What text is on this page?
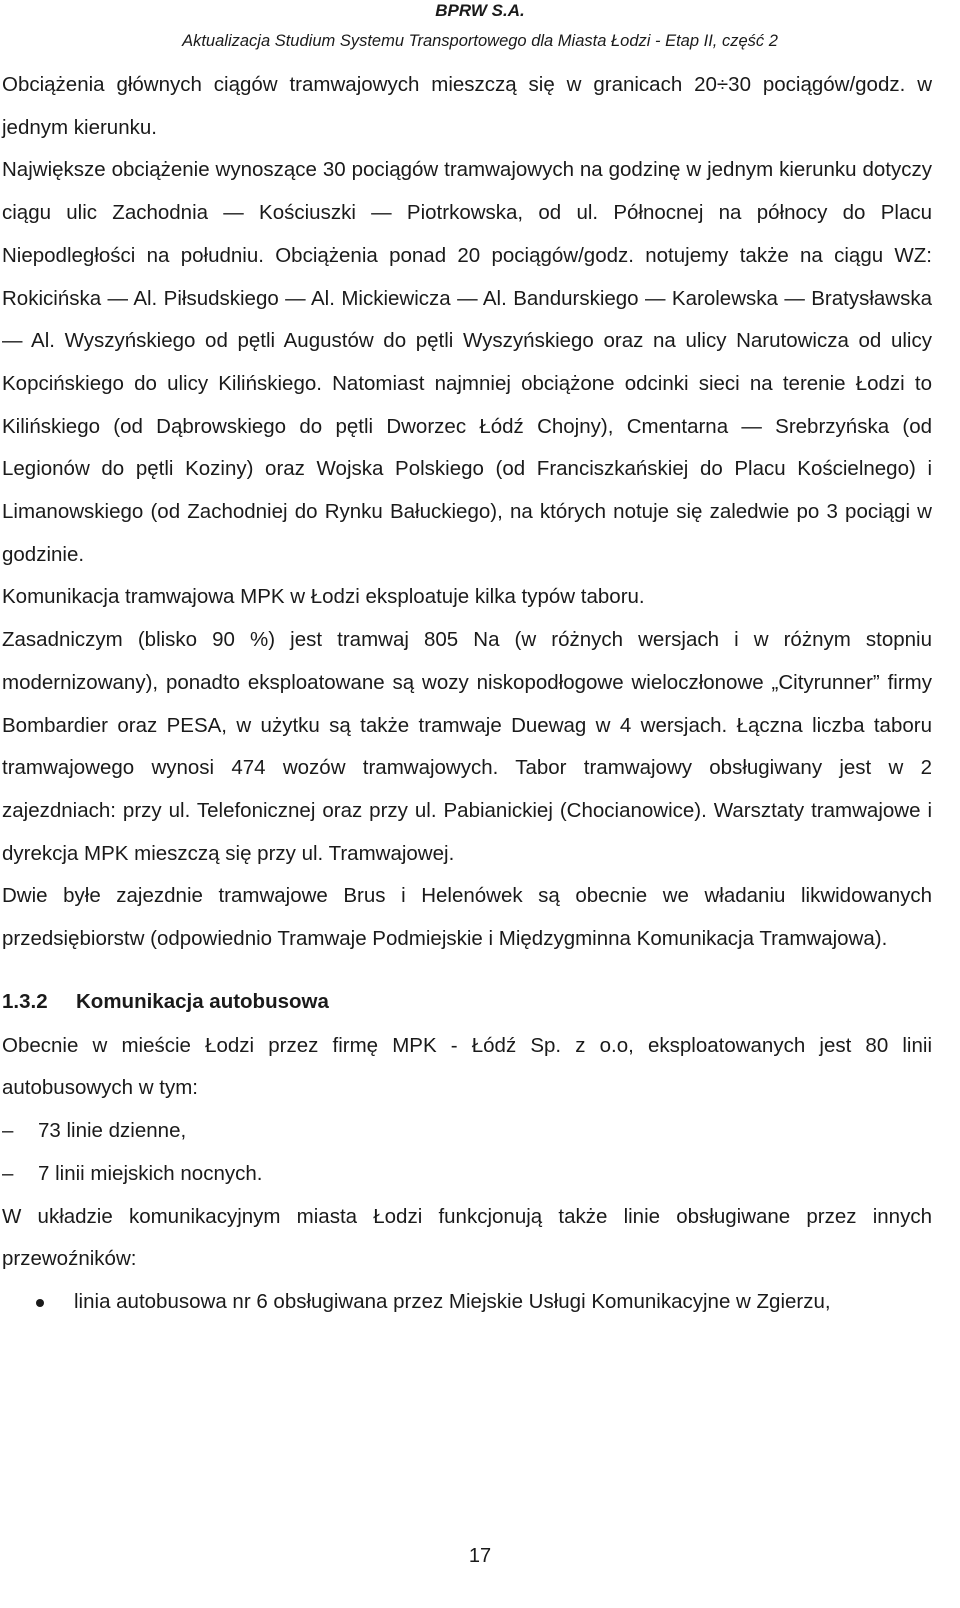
BPRW S.A.
Aktualizacja Studium Systemu Transportowego dla Miasta Łodzi - Etap II, część 2

Obciążenia głównych ciągów tramwajowych mieszczą się w granicach 20÷30 pociągów/godz. w jednym kierunku.

Największe obciążenie wynoszące 30 pociągów tramwajowych na godzinę w jednym kierunku dotyczy ciągu ulic Zachodnia — Kościuszki — Piotrkowska, od ul. Północnej na północy do Placu Niepodległości na południu. Obciążenia ponad 20 pociągów/godz. notujemy także na ciągu WZ: Rokicińska — Al. Piłsudskiego — Al. Mickiewicza — Al. Bandurskiego — Karolewska — Bratysławska — Al. Wyszyńskiego od pętli Augustów do pętli Wyszyńskiego oraz na ulicy Narutowicza od ulicy Kopcińskiego do ulicy Kilińskiego. Natomiast najmniej obciążone odcinki sieci na terenie Łodzi to Kilińskiego (od Dąbrowskiego do pętli Dworzec Łódź Chojny), Cmentarna — Srebrzyńska (od Legionów do pętli Koziny) oraz Wojska Polskiego (od Franciszkańskiej do Placu Kościelnego) i Limanowskiego (od Zachodniej do Rynku Bałuckiego), na których notuje się zaledwie po 3 pociągi w godzinie.

Komunikacja tramwajowa MPK w Łodzi eksploatuje kilka typów taboru.

Zasadniczym (blisko 90 %) jest tramwaj 805 Na (w różnych wersjach i w różnym stopniu modernizowany), ponadto eksploatowane są wozy niskopodłogowe wieloczłonowe „Cityrunner” firmy Bombardier oraz PESA, w użytku są także tramwaje Duewag w 4 wersjach. Łączna liczba taboru tramwajowego wynosi 474 wozów tramwajowych. Tabor tramwajowy obsługiwany jest w 2 zajezdniach: przy ul. Telefonicznej oraz przy ul. Pabianickiej (Chocianowice). Warsztaty tramwajowe i dyrekcja MPK mieszczą się przy ul. Tramwajowej.

Dwie byłe zajezdnie tramwajowe Brus i Helenówek są obecnie we władaniu likwidowanych przedsiębiorstw (odpowiednio Tramwaje Podmiejskie i Międzygminna Komunikacja Tramwajowa).

1.3.2 Komunikacja autobusowa

Obecnie w mieście Łodzi przez firmę MPK - Łódź Sp. z o.o, eksploatowanych jest 80 linii autobusowych w tym:

– 73 linie dzienne,
– 7 linii miejskich nocnych.

W układzie komunikacyjnym miasta Łodzi funkcjonują także linie obsługiwane przez innych przewoźników:

linia autobusowa nr 6 obsługiwana przez Miejskie Usługi Komunikacyjne w Zgierzu,
17
